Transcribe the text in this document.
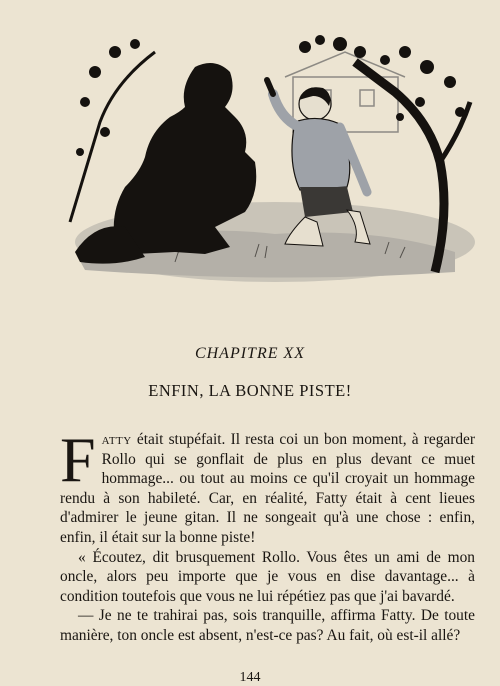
CHAPITRE XX
ENFIN, LA BONNE PISTE!

Fatty était stupéfait. Il resta coi un bon moment, à regarder Rollo qui se gonflait de plus en plus devant ce muet hommage... ou tout au moins ce qu'il croyait un hommage rendu à son habileté. Car, en réalité, Fatty était à cent lieues d'admirer le jeune gitan. Il ne songeait qu'à une chose : enfin, enfin, il était sur la bonne piste!

« Écoutez, dit brusquement Rollo. Vous êtes un ami de mon oncle, alors peu importe que je vous en dise davantage... à condition toutefois que vous ne lui répétiez pas que j'ai bavardé.

— Je ne te trahirai pas, sois tranquille, affirma Fatty. De toute manière, ton oncle est absent, n'est-ce pas? Au fait, où est-il allé?

144
